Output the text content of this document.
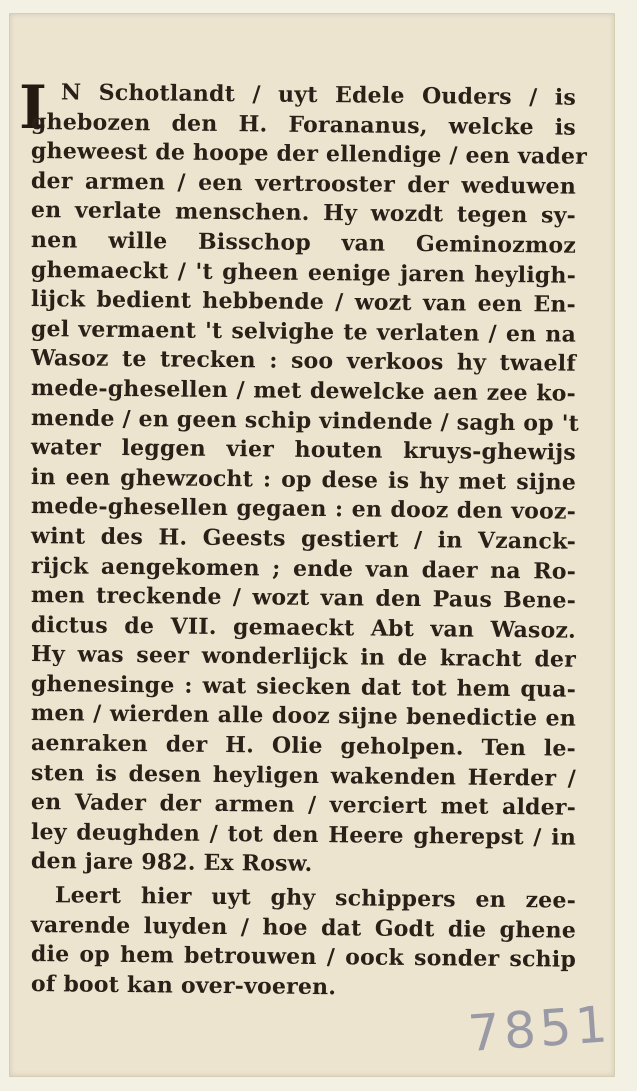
I N Schotlandt / uyt Edele Ouders / is
ghebozen den H. Forananus, welcke is
gheweest de hoope der ellendige / een vader
der armen / een vertrooster der weduwen
en verlate menschen. Hy wozdt tegen sy-
nen wille Bisschop van Geminozmoz
ghemaeckt / 't gheen eenige jaren heyligh-
lijck bedient hebbende / wozt van een En-
gel vermaent 't selvighe te verlaten / en na
Wasoz te trecken : soo verkoos hy twaelf
mede-ghesellen / met dewelcke aen zee ko-
mende / en geen schip vindende / sagh op 't
water leggen vier houten kruys-ghewijs
in een ghewzocht : op dese is hy met sijne
mede-ghesellen gegaen : en dooz den vooz-
wint des H. Geests gestiert / in Vzanck-
rijck aengekomen ; ende van daer na Ro-
men treckende / wozt van den Paus Bene-
dictus de VII. gemaeckt Abt van Wasoz.
Hy was seer wonderlijck in de kracht der
ghenesinge : wat siecken dat tot hem qua-
men / wierden alle dooz sijne benedictie en
aenraken der H. Olie geholpen. Ten le-
sten is desen heyligen wakenden Herder /
en Vader der armen / verciert met alder-
ley deughden / tot den Heere gherepst / in
den jare 982. Ex Rosw.
Leert hier uyt ghy schippers en zee-
varende luyden / hoe dat Godt die ghene
die op hem betrouwen / oock sonder schip
of boot kan over-voeren.
7851
